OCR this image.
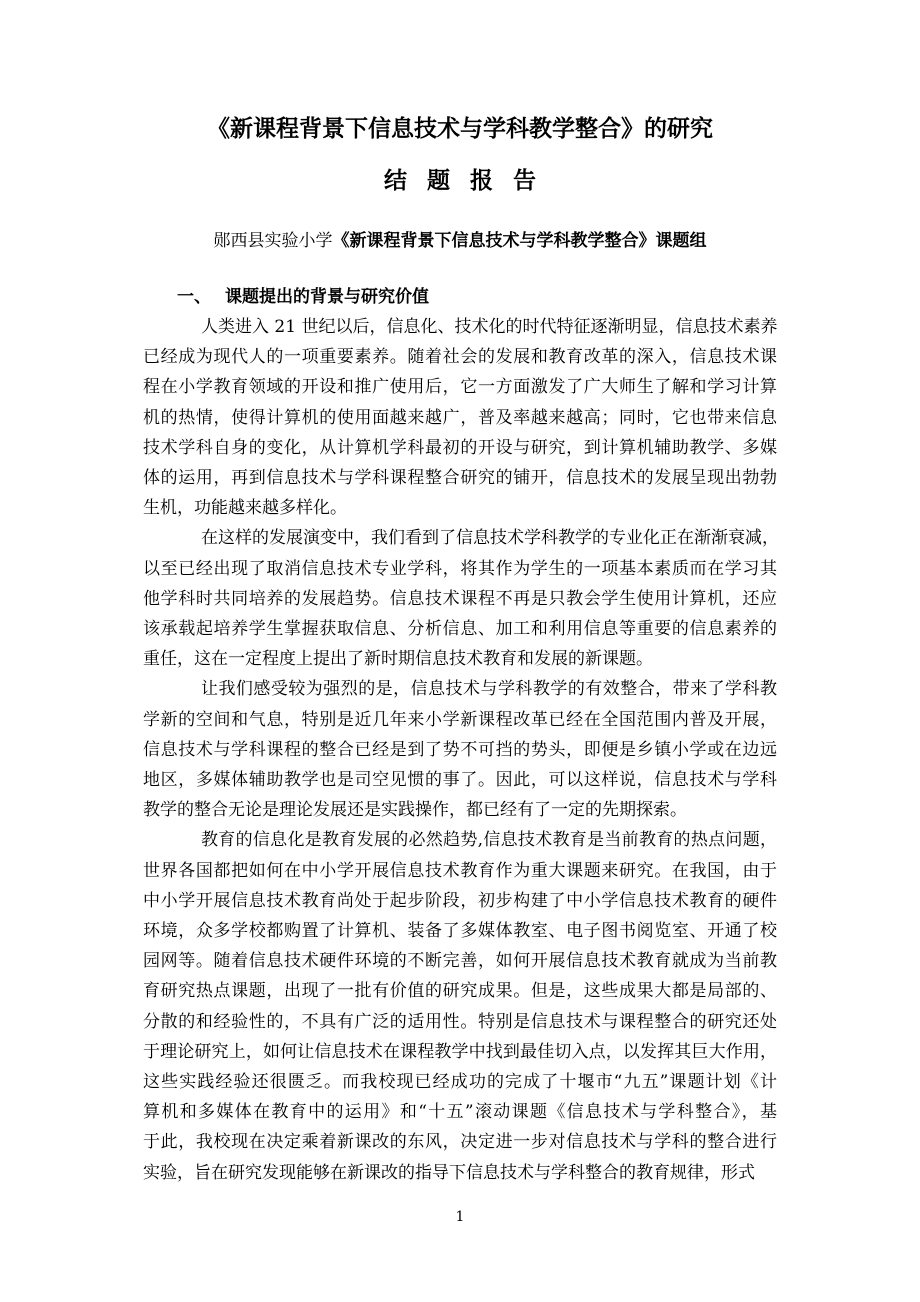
《新课程背景下信息技术与学科教学整合》的研究
结题报告
郧西县实验小学《新课程背景下信息技术与学科教学整合》课题组
一、 课题提出的背景与研究价值
人类进入 21 世纪以后，信息化、技术化的时代特征逐渐明显，信息技术素养
已经成为现代人的一项重要素养。随着社会的发展和教育改革的深入，信息技术课
程在小学教育领域的开设和推广使用后，它一方面激发了广大师生了解和学习计算
机的热情，使得计算机的使用面越来越广，普及率越来越高；同时，它也带来信息
技术学科自身的变化，从计算机学科最初的开设与研究，到计算机辅助教学、多媒
体的运用，再到信息技术与学科课程整合研究的铺开，信息技术的发展呈现出勃勃
生机，功能越来越多样化。
在这样的发展演变中，我们看到了信息技术学科教学的专业化正在渐渐衰减，
以至已经出现了取消信息技术专业学科，将其作为学生的一项基本素质而在学习其
他学科时共同培养的发展趋势。信息技术课程不再是只教会学生使用计算机，还应
该承载起培养学生掌握获取信息、分析信息、加工和利用信息等重要的信息素养的
重任，这在一定程度上提出了新时期信息技术教育和发展的新课题。
让我们感受较为强烈的是，信息技术与学科教学的有效整合，带来了学科教
学新的空间和气息，特别是近几年来小学新课程改革已经在全国范围内普及开展，
信息技术与学科课程的整合已经是到了势不可挡的势头，即便是乡镇小学或在边远
地区，多媒体辅助教学也是司空见惯的事了。因此，可以这样说，信息技术与学科
教学的整合无论是理论发展还是实践操作，都已经有了一定的先期探索。
教育的信息化是教育发展的必然趋势,信息技术教育是当前教育的热点问题，
世界各国都把如何在中小学开展信息技术教育作为重大课题来研究。在我国，由于
中小学开展信息技术教育尚处于起步阶段，初步构建了中小学信息技术教育的硬件
环境，众多学校都购置了计算机、装备了多媒体教室、电子图书阅览室、开通了校
园网等。随着信息技术硬件环境的不断完善，如何开展信息技术教育就成为当前教
育研究热点课题，出现了一批有价值的研究成果。但是，这些成果大都是局部的、
分散的和经验性的，不具有广泛的适用性。特别是信息技术与课程整合的研究还处
于理论研究上，如何让信息技术在课程教学中找到最佳切入点，以发挥其巨大作用，
这些实践经验还很匮乏。而我校现已经成功的完成了十堰市“九五”课题计划《计
算机和多媒体在教育中的运用》和“十五”滚动课题《信息技术与学科整合》，基
于此，我校现在决定乘着新课改的东风，决定进一步对信息技术与学科的整合进行
实验，旨在研究发现能够在新课改的指导下信息技术与学科整合的教育规律，形式
1
